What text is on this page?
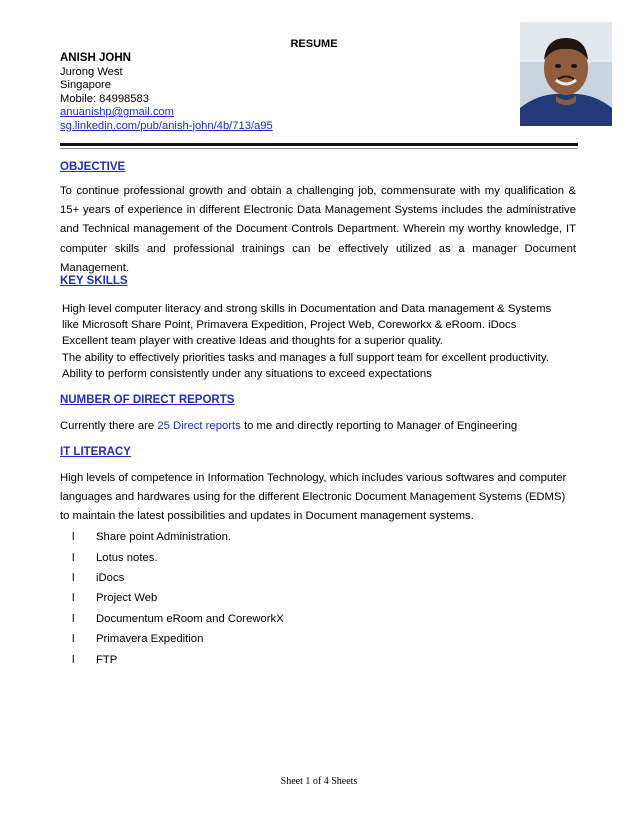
RESUME
ANISH JOHN
Jurong West
Singapore
Mobile: 84998583
anuanishp@gmail.com
sg.linkedin.com/pub/anish-john/4b/713/a95
OBJECTIVE
To continue professional growth and obtain a challenging job, commensurate with my qualification & 15+ years of experience in different Electronic Data Management Systems includes the administrative and Technical management of the Document Controls Department. Wherein my worthy knowledge, IT computer skills and professional trainings can be effectively utilized as a manager Document Management.
KEY SKILLS
High level computer literacy and strong skills in Documentation and Data management & Systems
like Microsoft Share Point, Primavera Expedition, Project Web, Coreworkx & eRoom. iDocs
Excellent team player with creative Ideas and thoughts for a superior quality.
The ability to effectively priorities tasks and manages a full support team for excellent productivity.
Ability to perform consistently under any situations to exceed expectations
NUMBER OF DIRECT REPORTS
Currently there are 25 Direct reports to me and directly reporting to Manager of Engineering
IT LITERACY
High levels of competence in Information Technology, which includes various softwares and computer languages and hardwares using for the different Electronic Document Management Systems (EDMS) to maintain the latest possibilities and updates in Document management systems.
l	Share point Administration.
l	Lotus notes.
l	iDocs
l	Project Web
l	Documentum eRoom and CoreworkX
l	Primavera Expedition
l	FTP
Sheet 1 of 4 Sheets
